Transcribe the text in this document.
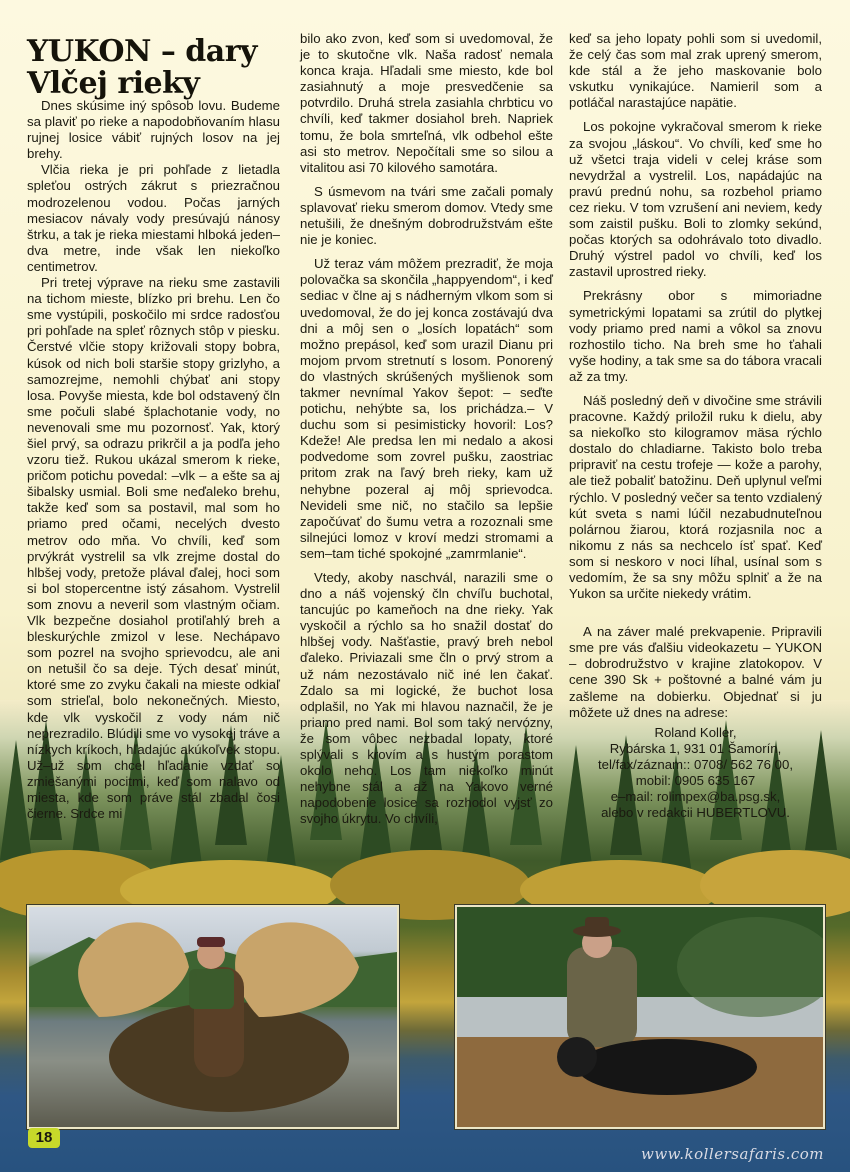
YUKON – dary
Vlčej rieky

Dnes skúsime iný spôsob lovu. Budeme sa plaviť po rieke a napodobňovaním hlasu rujnej losice vábiť rujných losov na jej brehy.

Vlčia rieka je pri pohľade z lietadla spleťou ostrých zákrut s priezračnou modrozelenou vodou. Počas jarných mesiacov návaly vody presúvajú nánosy štrku, a tak je rieka miestami hlboká jeden–dva metre, inde však len niekoľko centimetrov.

Pri tretej výprave na rieku sme zastavili na tichom mieste, blízko pri brehu. Len čo sme vystúpili, poskočilo mi srdce radosťou pri pohľade na spleť rôznych stôp v piesku. Čerstvé vlčie stopy križovali stopy bobra, kúsok od nich boli staršie stopy grizlyho, a samozrejme, nemohli chýbať ani stopy losa. Povyše miesta, kde bol odstavený čln sme počuli slabé šplachotanie vody, no nevenovali sme mu pozornosť. Yak, ktorý šiel prvý, sa odrazu prikrčil a ja podľa jeho vzoru tiež. Rukou ukázal smerom k rieke, pričom potichu povedal: –vlk – a ešte sa aj šibalsky usmial. Boli sme neďaleko brehu, takže keď som sa postavil, mal som ho priamo pred očami, necelých dvesto metrov odo mňa. Vo chvíli, keď som prvýkrát vystrelil sa vlk zrejme dostal do hlbšej vody, pretože plával ďalej, hoci som si bol stopercentne istý zásahom. Vystrelil som znovu a neveril som vlastným očiam. Vlk bezpečne dosiahol protiľahlý breh a bleskurýchle zmizol v lese. Nechápavo som pozrel na svojho sprievodcu, ale ani on netušil čo sa deje. Tých desať minút, ktoré sme zo zvyku čakali na mieste odkiaľ som strieľal, bolo nekonečných. Miesto, kde vlk vyskočil z vody nám nič neprezradilo. Blúdili sme vo vysokej tráve a nízkych kríkoch, hľadajúc akúkoľvek stopu. Už–už som chcel hľadanie vzdať so zmiešanými pocitmi, keď som nalavo od miesta, kde som práve stál zbadal čosi čierne. Srdce mi

bilo ako zvon, keď som si uvedomoval, že je to skutočne vlk. Naša radosť nemala konca kraja. Hľadali sme miesto, kde bol zasiahnutý a moje presvedčenie sa potvrdilo. Druhá strela zasiahla chrbticu vo chvíli, keď takmer dosiahol breh. Napriek tomu, že bola smrteľná, vlk odbehol ešte asi sto metrov. Nepočítali sme so silou a vitalitou asi 70 kilového samotára.

S úsmevom na tvári sme začali pomaly splavovať rieku smerom domov. Vtedy sme netušili, že dnešným dobrodružstvám ešte nie je koniec.

Už teraz vám môžem prezradiť, že moja polovačka sa skončila „happyendom“, i keď sediac v člne aj s nádherným vlkom som si uvedomoval, že do jej konca zostávajú dva dni a môj sen o „losích lopatách“ som možno prepásol, keď som urazil Dianu pri mojom prvom stretnutí s losom. Ponorený do vlastných skrúšených myšlienok som takmer nevnímal Yakov šepot: – seďte potichu, nehýbte sa, los prichádza.– V duchu som si pesimisticky hovoril: Los? Kdeže! Ale predsa len mi nedalo a akosi podvedome som zovrel pušku, zaostriac pritom zrak na ľavý breh rieky, kam už nehybne pozeral aj môj sprievodca. Nevideli sme nič, no stačilo sa lepšie započúvať do šumu vetra a rozoznali sme silnejúci lomoz v kroví medzi stromami a sem–tam tiché spokojné „zamrmlanie“.

Vtedy, akoby naschvál, narazili sme o dno a náš vojenský čln chvíľu buchotal, tancujúc po kameňoch na dne rieky. Yak vyskočil a rýchlo sa ho snažil dostať do hlbšej vody. Našťastie, pravý breh nebol ďaleko. Priviazali sme čln o prvý strom a už nám nezostávalo nič iné len čakať. Zdalo sa mi logické, že buchot losa odplašil, no Yak mi hlavou naznačil, že je priamo pred nami. Bol som taký nervózny, že som vôbec nezbadal lopaty, ktoré splývali s krovím a s hustým porastom okolo neho. Los tam niekoľko minút nehybne stál a až na Yakovo verné napodobenie losice sa rozhodol vyjsť zo svojho úkrytu. Vo chvíli,

keď sa jeho lopaty pohli som si uvedomil, že celý čas som mal zrak uprený smerom, kde stál a že jeho maskovanie bolo vskutku vynikajúce. Namieril som a potláčal narastajúce napätie.

Los pokojne vykračoval smerom k rieke za svojou „láskou“. Vo chvíli, keď sme ho už všetci traja videli v celej kráse som nevydržal a vystrelil. Los, napádajúc na pravú prednú nohu, sa rozbehol priamo cez rieku. V tom vzrušení ani neviem, kedy som zaistil pušku. Boli to zlomky sekúnd, počas ktorých sa odohrávalo toto divadlo. Druhý výstrel padol vo chvíli, keď los zastavil uprostred rieky.

Prekrásny obor s mimoriadne symetrickými lopatami sa zrútil do plytkej vody priamo pred nami a vôkol sa znovu rozhostilo ticho. Na breh sme ho ťahali vyše hodiny, a tak sme sa do tábora vracali až za tmy.

Náš posledný deň v divočine sme strávili pracovne. Každý priložil ruku k dielu, aby sa niekoľko sto kilogramov mäsa rýchlo dostalo do chladiarne. Takisto bolo treba pripraviť na cestu trofeje — kože a parohy, ale tiež pobaliť batožinu. Deň uplynul veľmi rýchlo. V posledný večer sa tento vzdialený kút sveta s nami lúčil nezabudnuteľnou polárnou žiarou, ktorá rozjasnila noc a nikomu z nás sa nechcelo ísť spať. Keď som si neskoro v noci líhal, usínal som s vedomím, že sa sny môžu splniť a že na Yukon sa určite niekedy vrátim.

A na záver malé prekvapenie. Pripravili sme pre vás ďalšiu videokazetu – YUKON – dobrodružstvo v krajine zlatokopov. V cene 390 Sk + poštovné a balné vám ju zašleme na dobierku. Objednať si ju môžete už dnes na adrese:

Roland Koller,

Rybárska 1, 931 01 Šamorín,

tel/fax/záznam:: 0708/ 562 76 00,

mobil: 0905 635 167

e–mail: rolimpex@ba.psg.sk,

alebo v redakcii HUBERTLOVU.

18
www.kollersafaris.com
